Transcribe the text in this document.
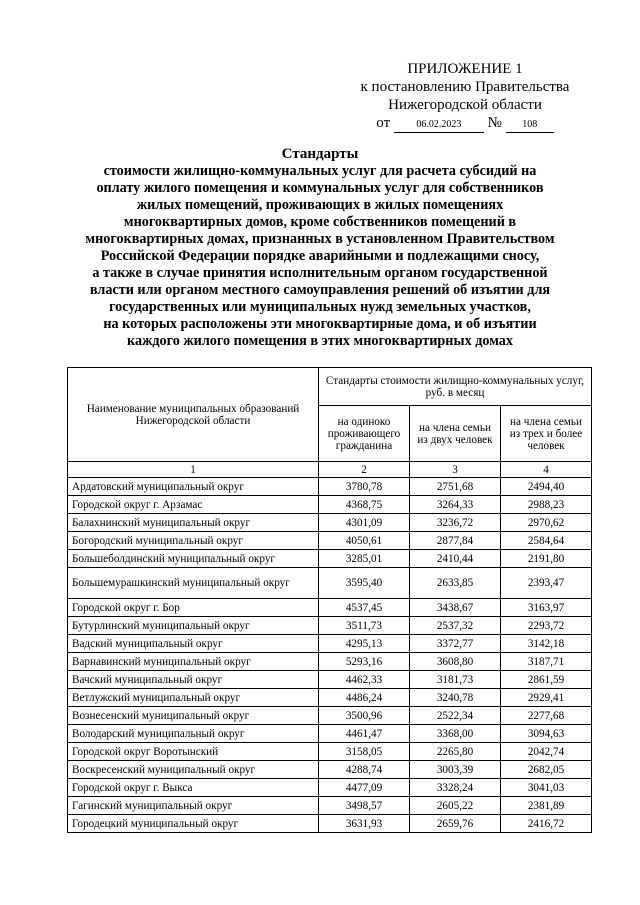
ПРИЛОЖЕНИЕ 1
к постановлению Правительства
Нижегородской области
от	06.02.2023 № 108
Стандарты
стоимости жилищно-коммунальных услуг для расчета субсидий на
оплату жилого помещения и коммунальных услуг для собственников
жилых помещений, проживающих в жилых помещениях
многоквартирных домов, кроме собственников помещений в
многоквартирных домах, признанных в установленном Правительством
Российской Федерации порядке аварийными и подлежащими сносу,
а также в случае принятия исполнительным органом государственной
власти или органом местного самоуправления решений об изъятии для
государственных или муниципальных нужд земельных участков,
на которых расположены эти многоквартирные дома, и об изъятии
каждого жилого помещения в этих многоквартирных домах
Наименование муниципальных образований Нижегородской области	Стандарты стоимости жилищно-коммунальных услуг, руб. в месяц		
	на одиноко проживающего гражданина	на члена семьи из двух человек	на члена семьи из трех и более человек
1	2	3	4
Ардатовский муниципальный округ	3780,78	2751,68	2494,40
Городской округ г. Арзамас	4368,75	3264,33	2988,23
Балахнинский муниципальный округ	4301,09	3236,72	2970,62
Богородский муниципальный округ	4050,61	2877,84	2584,64
Большеболдинский муниципальный округ	3285,01	2410,44	2191,80
Большемурашкинский муниципальный округ	3595,40	2633,85	2393,47
Городской округ г. Бор	4537,45	3438,67	3163,97
Бутурлинский муниципальный округ	3511,73	2537,32	2293,72
Вадский муниципальный округ	4295,13	3372,77	3142,18
Варнавинский муниципальный округ	5293,16	3608,80	3187,71
Вачский муниципальный округ	4462,33	3181,73	2861,59
Ветлужский муниципальный округ	4486,24	3240,78	2929,41
Вознесенский муниципальный округ	3500,96	2522,34	2277,68
Володарский муниципальный округ	4461,47	3368,00	3094,63
Городской округ Воротынский	3158,05	2265,80	2042,74
Воскресенский муниципальный округ	4288,74	3003,39	2682,05
Городской округ г. Выкса	4477,09	3328,24	3041,03
Гагинский муниципальный округ	3498,57	2605,22	2381,89
Городецкий муниципальный округ	3631,93	2659,76	2416,72
